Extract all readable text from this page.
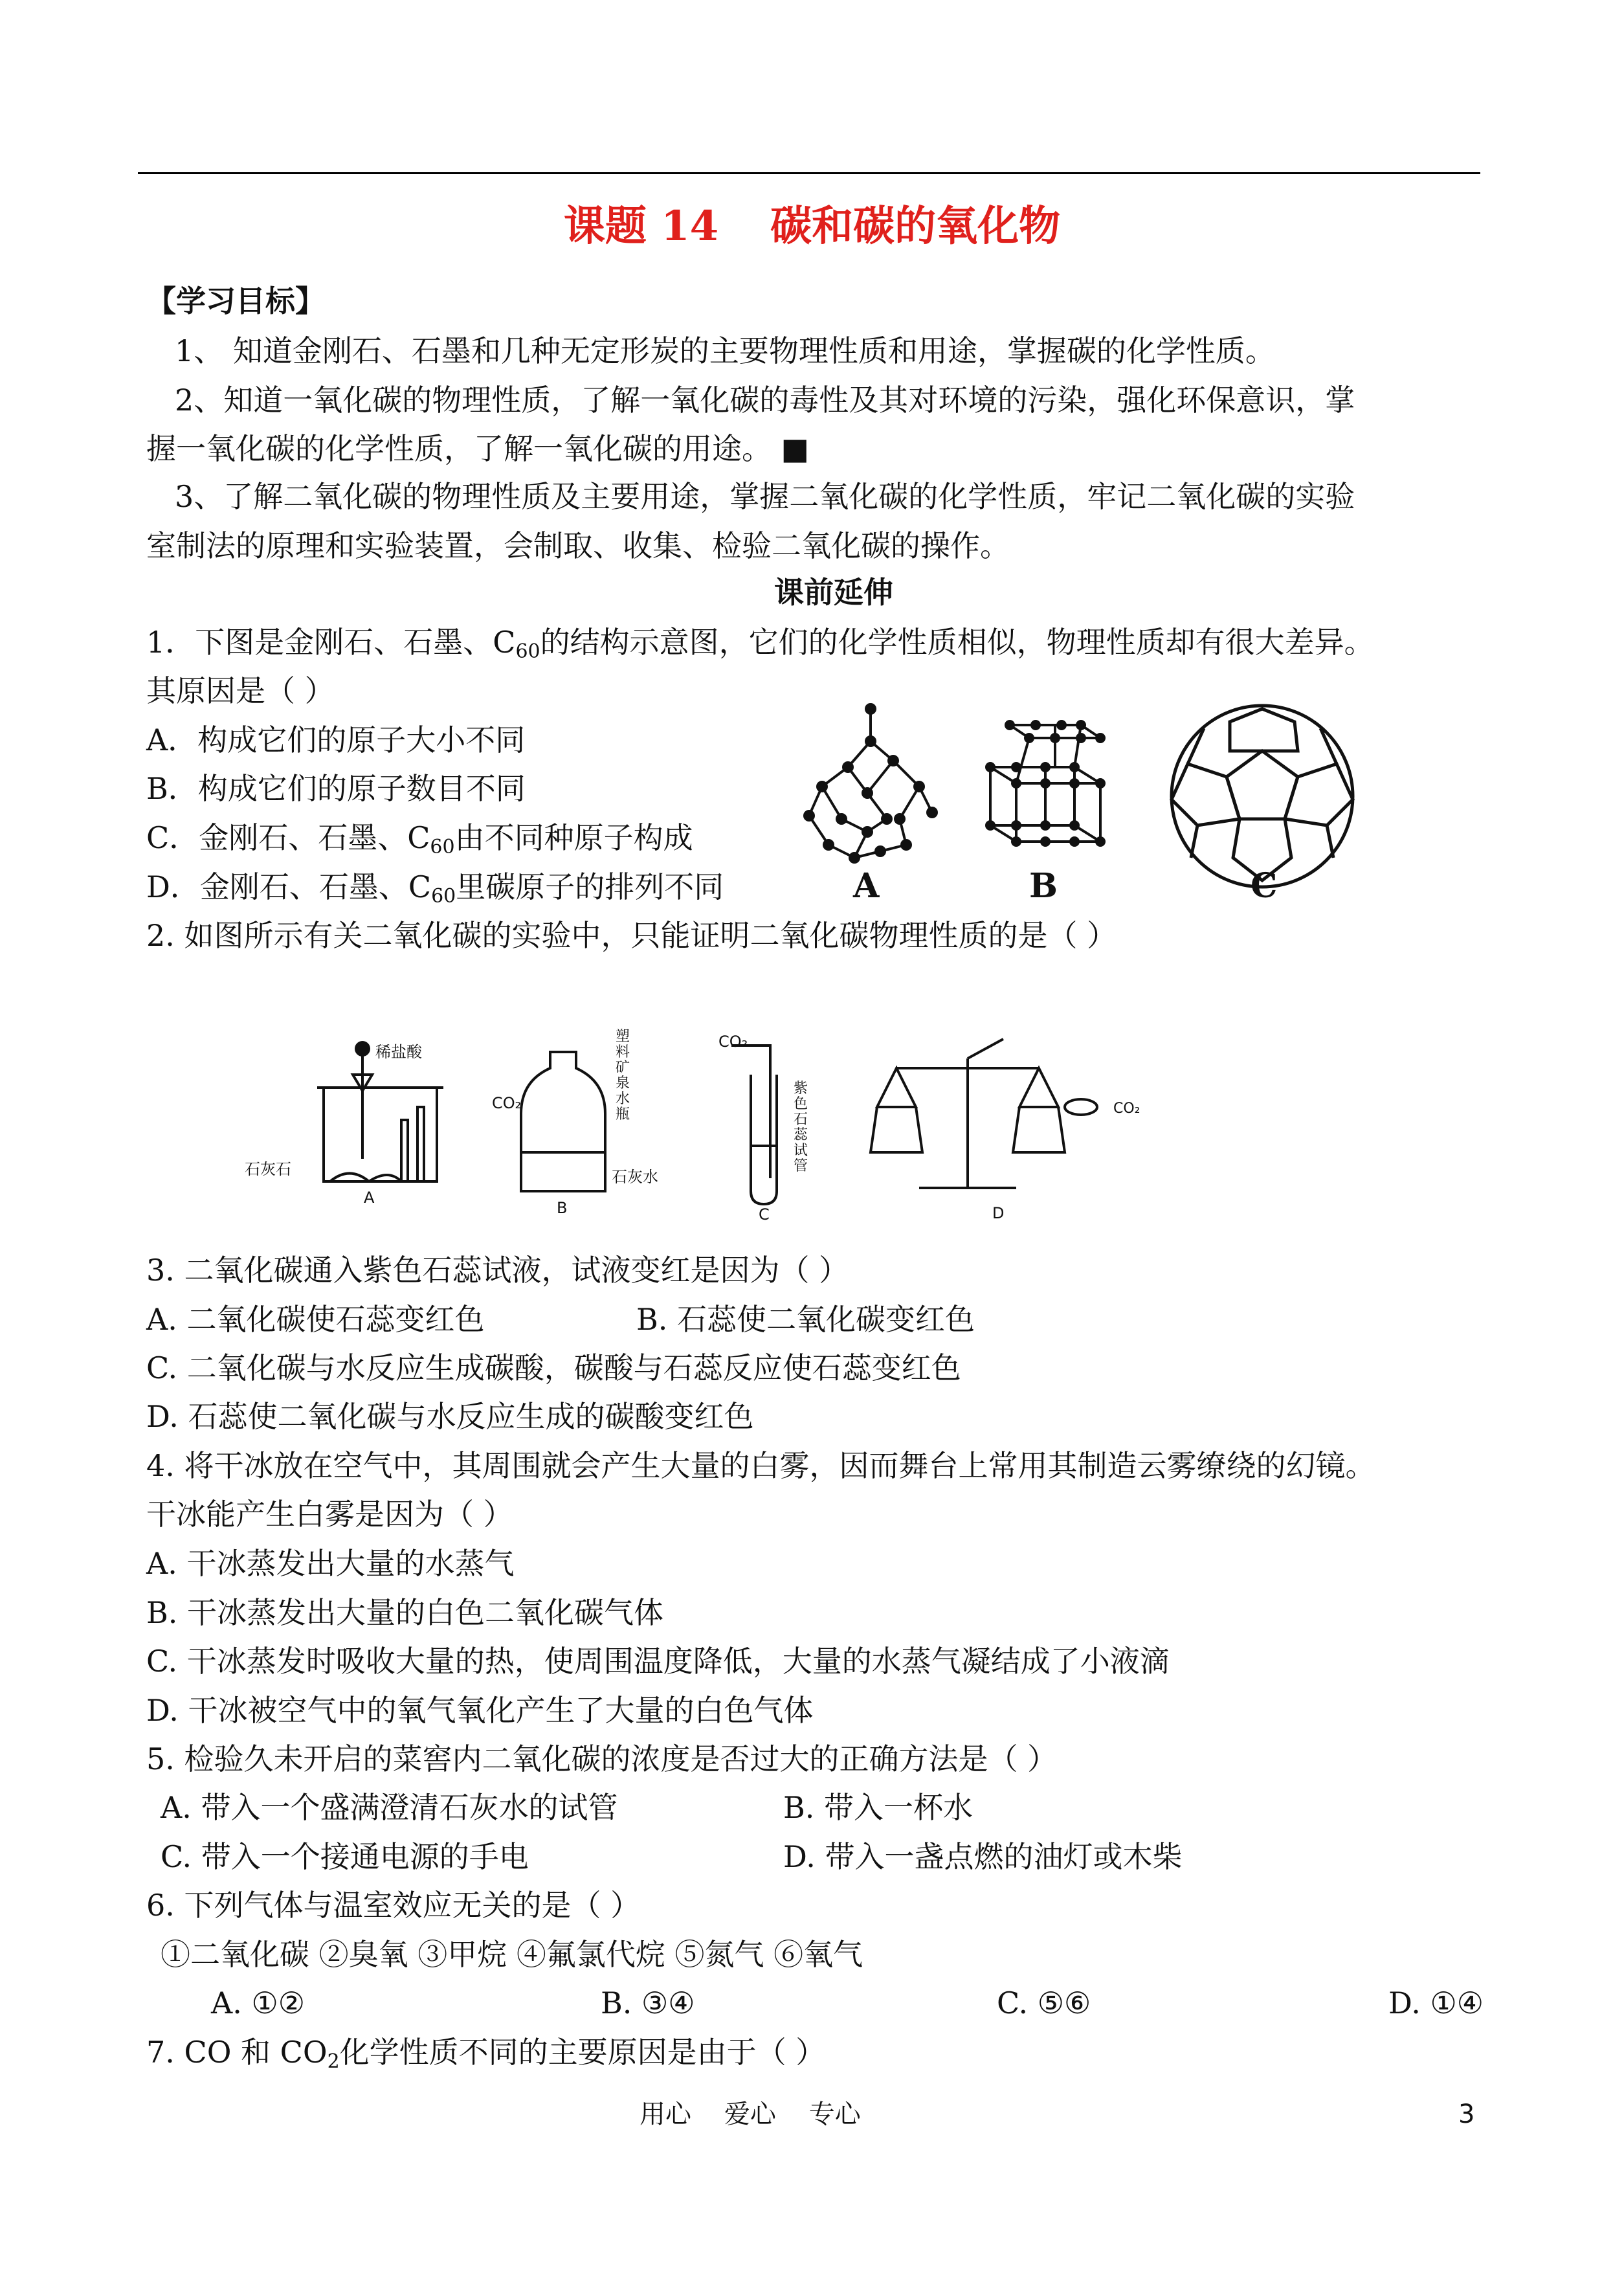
课题 14 碳和碳的氧化物
【学习目标】
1、 知道金刚石、石墨和几种无定形炭的主要物理性质和用途，掌握碳的化学性质。
2、知道一氧化碳的物理性质，了解一氧化碳的毒性及其对环境的污染，强化环保意识，掌
握一氧化碳的化学性质，了解一氧化碳的用途。 ■
3、了解二氧化碳的物理性质及主要用途，掌握二氧化碳的化学性质，牢记二氧化碳的实验
室制法的原理和实验装置，会制取、收集、检验二氧化碳的操作。
课前延伸
1．下图是金刚石、石墨、$C_{60}$的结构示意图，它们的化学性质相似，物理性质却有很大差异。
其原因是（ ）
A．构成它们的原子大小不同
B．构成它们的原子数目不同
C．金刚石、石墨、$C_{60}$由不同种原子构成
D．金刚石、石墨、$C_{60}$里碳原子的排列不同	A	B	C
2. 如图所示有关二氧化碳的实验中，只能证明二氧化碳物理性质的是（ ）
稀盐酸
石灰石
A
CO₂
塑
料
矿
泉
水
瓶
石灰水
B
CO₂
紫
色
石
蕊
试
管
C	D
CO₂
3. 二氧化碳通入紫色石蕊试液，试液变红是因为（ ）
A. 二氧化碳使石蕊变红色	B. 石蕊使二氧化碳变红色
C. 二氧化碳与水反应生成碳酸，碳酸与石蕊反应使石蕊变红色
D. 石蕊使二氧化碳与水反应生成的碳酸变红色
4. 将干冰放在空气中，其周围就会产生大量的白雾，因而舞台上常用其制造云雾缭绕的幻镜。
干冰能产生白雾是因为（ ）
A. 干冰蒸发出大量的水蒸气
B. 干冰蒸发出大量的白色二氧化碳气体
C. 干冰蒸发时吸收大量的热，使周围温度降低，大量的水蒸气凝结成了小液滴
D. 干冰被空气中的氧气氧化产生了大量的白色气体
5. 检验久未开启的菜窖内二氧化碳的浓度是否过大的正确方法是（ ）
A. 带入一个盛满澄清石灰水的试管	B. 带入一杯水
C. 带入一个接通电源的手电	D. 带入一盏点燃的油灯或木柴
6. 下列气体与温室效应无关的是（ ）
①二氧化碳 ②臭氧 ③甲烷 ④氟氯代烷 ⑤氮气 ⑥氧气
A. ①②	B. ③④	C. ⑤⑥	D. ①④
7. CO 和 $CO_2$化学性质不同的主要原因是由于（ ）
用心    爱心    专心	3
